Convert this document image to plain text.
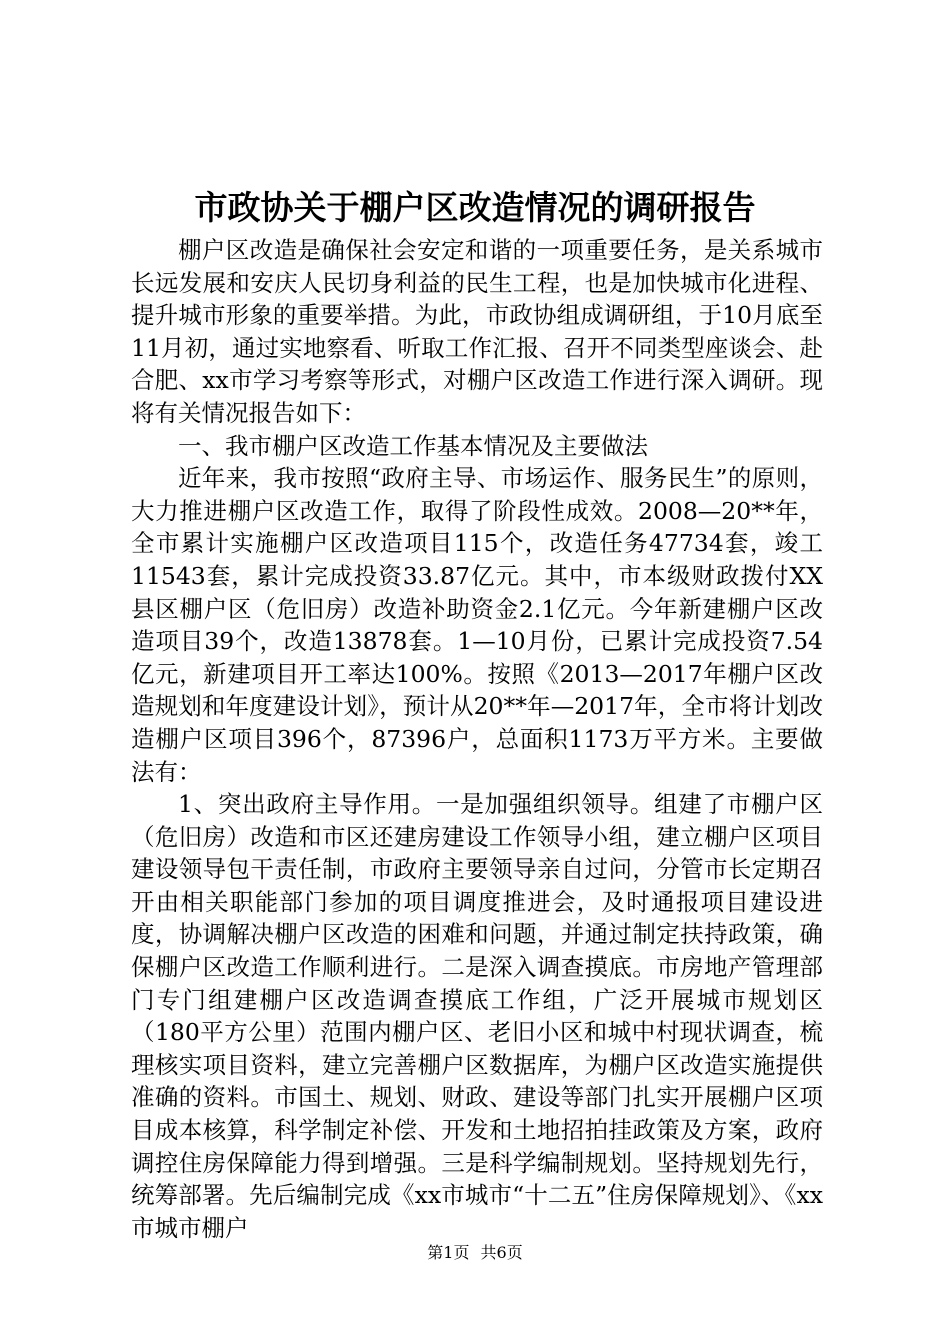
市政协关于棚户区改造情况的调研报告

棚户区改造是确保社会安定和谐的一项重要任务，是关系城市长远发展和安庆人民切身利益的民生工程，也是加快城市化进程、提升城市形象的重要举措。为此，市政协组成调研组，于10月底至11月初，通过实地察看、听取工作汇报、召开不同类型座谈会、赴合肥、xx市学习考察等形式，对棚户区改造工作进行深入调研。现将有关情况报告如下：

一、我市棚户区改造工作基本情况及主要做法

近年来，我市按照“政府主导、市场运作、服务民生”的原则，大力推进棚户区改造工作，取得了阶段性成效。2008—20**年，全市累计实施棚户区改造项目115个，改造任务47734套，竣工11543套，累计完成投资33.87亿元。其中，市本级财政拨付XX县区棚户区（危旧房）改造补助资金2.1亿元。今年新建棚户区改造项目39个，改造13878套。1—10月份，已累计完成投资7.54亿元，新建项目开工率达100%。按照《2013—2017年棚户区改造规划和年度建设计划》，预计从20**年—2017年，全市将计划改造棚户区项目396个，87396户，总面积1173万平方米。主要做法有：

1、突出政府主导作用。一是加强组织领导。组建了市棚户区（危旧房）改造和市区还建房建设工作领导小组，建立棚户区项目建设领导包干责任制，市政府主要领导亲自过问，分管市长定期召开由相关职能部门参加的项目调度推进会，及时通报项目建设进度，协调解决棚户区改造的困难和问题，并通过制定扶持政策，确保棚户区改造工作顺利进行。二是深入调查摸底。市房地产管理部门专门组建棚户区改造调查摸底工作组，广泛开展城市规划区（180平方公里）范围内棚户区、老旧小区和城中村现状调查，梳理核实项目资料，建立完善棚户区数据库，为棚户区改造实施提供准确的资料。市国土、规划、财政、建设等部门扎实开展棚户区项目成本核算，科学制定补偿、开发和土地招拍挂政策及方案，政府调控住房保障能力得到增强。三是科学编制规划。坚持规划先行，统筹部署。先后编制完成《xx市城市“十二五”住房保障规划》、《xx市城市棚户

第1页 共6页
